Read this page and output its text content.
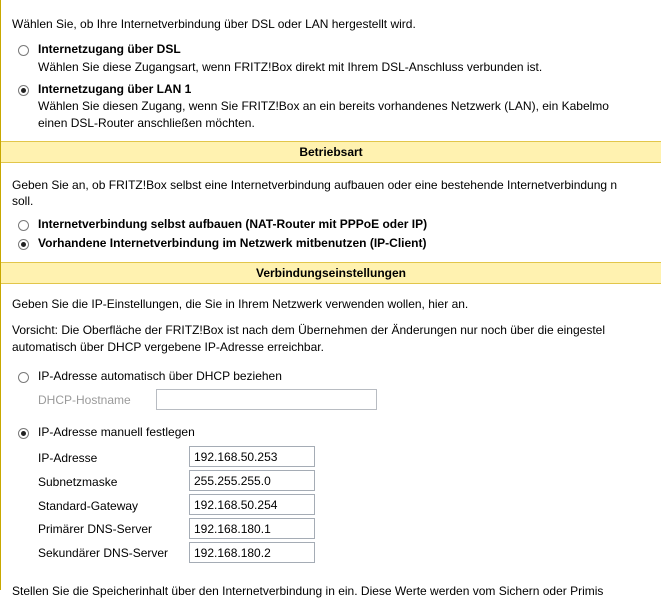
Wählen Sie, ob Ihre Internetverbindung über DSL oder LAN hergestellt wird.
Internetzugang über DSL
Wählen Sie diese Zugangsart, wenn FRITZ!Box direkt mit Ihrem DSL-Anschluss verbunden ist.
Internetzugang über LAN 1
Wählen Sie diesen Zugang, wenn Sie FRITZ!Box an ein bereits vorhandenes Netzwerk (LAN), ein Kabelmo
einen DSL-Router anschließen möchten.
Betriebsart
Geben Sie an, ob FRITZ!Box selbst eine Internetverbindung aufbauen oder eine bestehende Internetverbindung n
soll.
Internetverbindung selbst aufbauen (NAT-Router mit PPPoE oder IP)
Vorhandene Internetverbindung im Netzwerk mitbenutzen (IP-Client)
Verbindungseinstellungen
Geben Sie die IP-Einstellungen, die Sie in Ihrem Netzwerk verwenden wollen, hier an.
Vorsicht: Die Oberfläche der FRITZ!Box ist nach dem Übernehmen der Änderungen nur noch über die eingestel
automatisch über DHCP vergebene IP-Adresse erreichbar.
IP-Adresse automatisch über DHCP beziehen
DHCP-Hostname
IP-Adresse manuell festlegen
IP-Adresse
192.168.50.253
Subnetzmaske
255.255.255.0
Standard-Gateway
192.168.50.254
Primärer DNS-Server
192.168.180.1
Sekundärer DNS-Server
192.168.180.2
Stellen Sie die Speicherinhalt über den Internetverbindung in ein. Diese Werte werden vom Sichern oder Primis
